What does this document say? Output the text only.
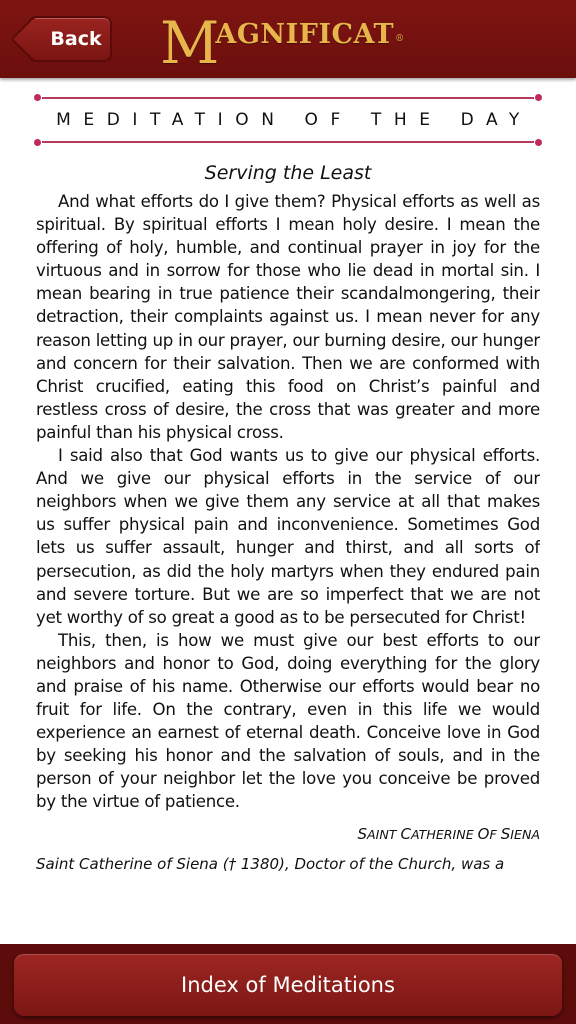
Back M
AGNIFICAT ®
MEDITATION OF THE DAY
Serving the Least

And what efforts do I give them? Physical efforts as well as spiritual. By spiritual efforts I mean holy desire. I mean the offering of holy, humble, and continual prayer in joy for the virtuous and in sorrow for those who lie dead in mortal sin. I mean bearing in true patience their scandalmongering, their detraction, their complaints against us. I mean never for any reason letting up in our prayer, our burning desire, our hunger and concern for their salvation. Then we are conformed with Christ crucified, eating this food on Christ’s painful and restless cross of desire, the cross that was greater and more painful than his physical cross.

I said also that God wants us to give our physical efforts. And we give our physical efforts in the service of our neighbors when we give them any service at all that makes us suffer physical pain and inconvenience. Sometimes God lets us suffer assault, hunger and thirst, and all sorts of persecution, as did the holy martyrs when they endured pain and severe torture. But we are so imperfect that we are not yet worthy of so great a good as to be persecuted for Christ!

This, then, is how we must give our best efforts to our neighbors and honor to God, doing everything for the glory and praise of his name. Otherwise our efforts would bear no fruit for life. On the contrary, even in this life we would experience an earnest of eternal death. Conceive love in God by seeking his honor and the salvation of souls, and in the person of your neighbor let the love you conceive be proved by the virtue of patience.

SAINT CATHERINE OF SIENA
Saint Catherine of Siena († 1380), Doctor of the Church, was a
Index of Meditations
